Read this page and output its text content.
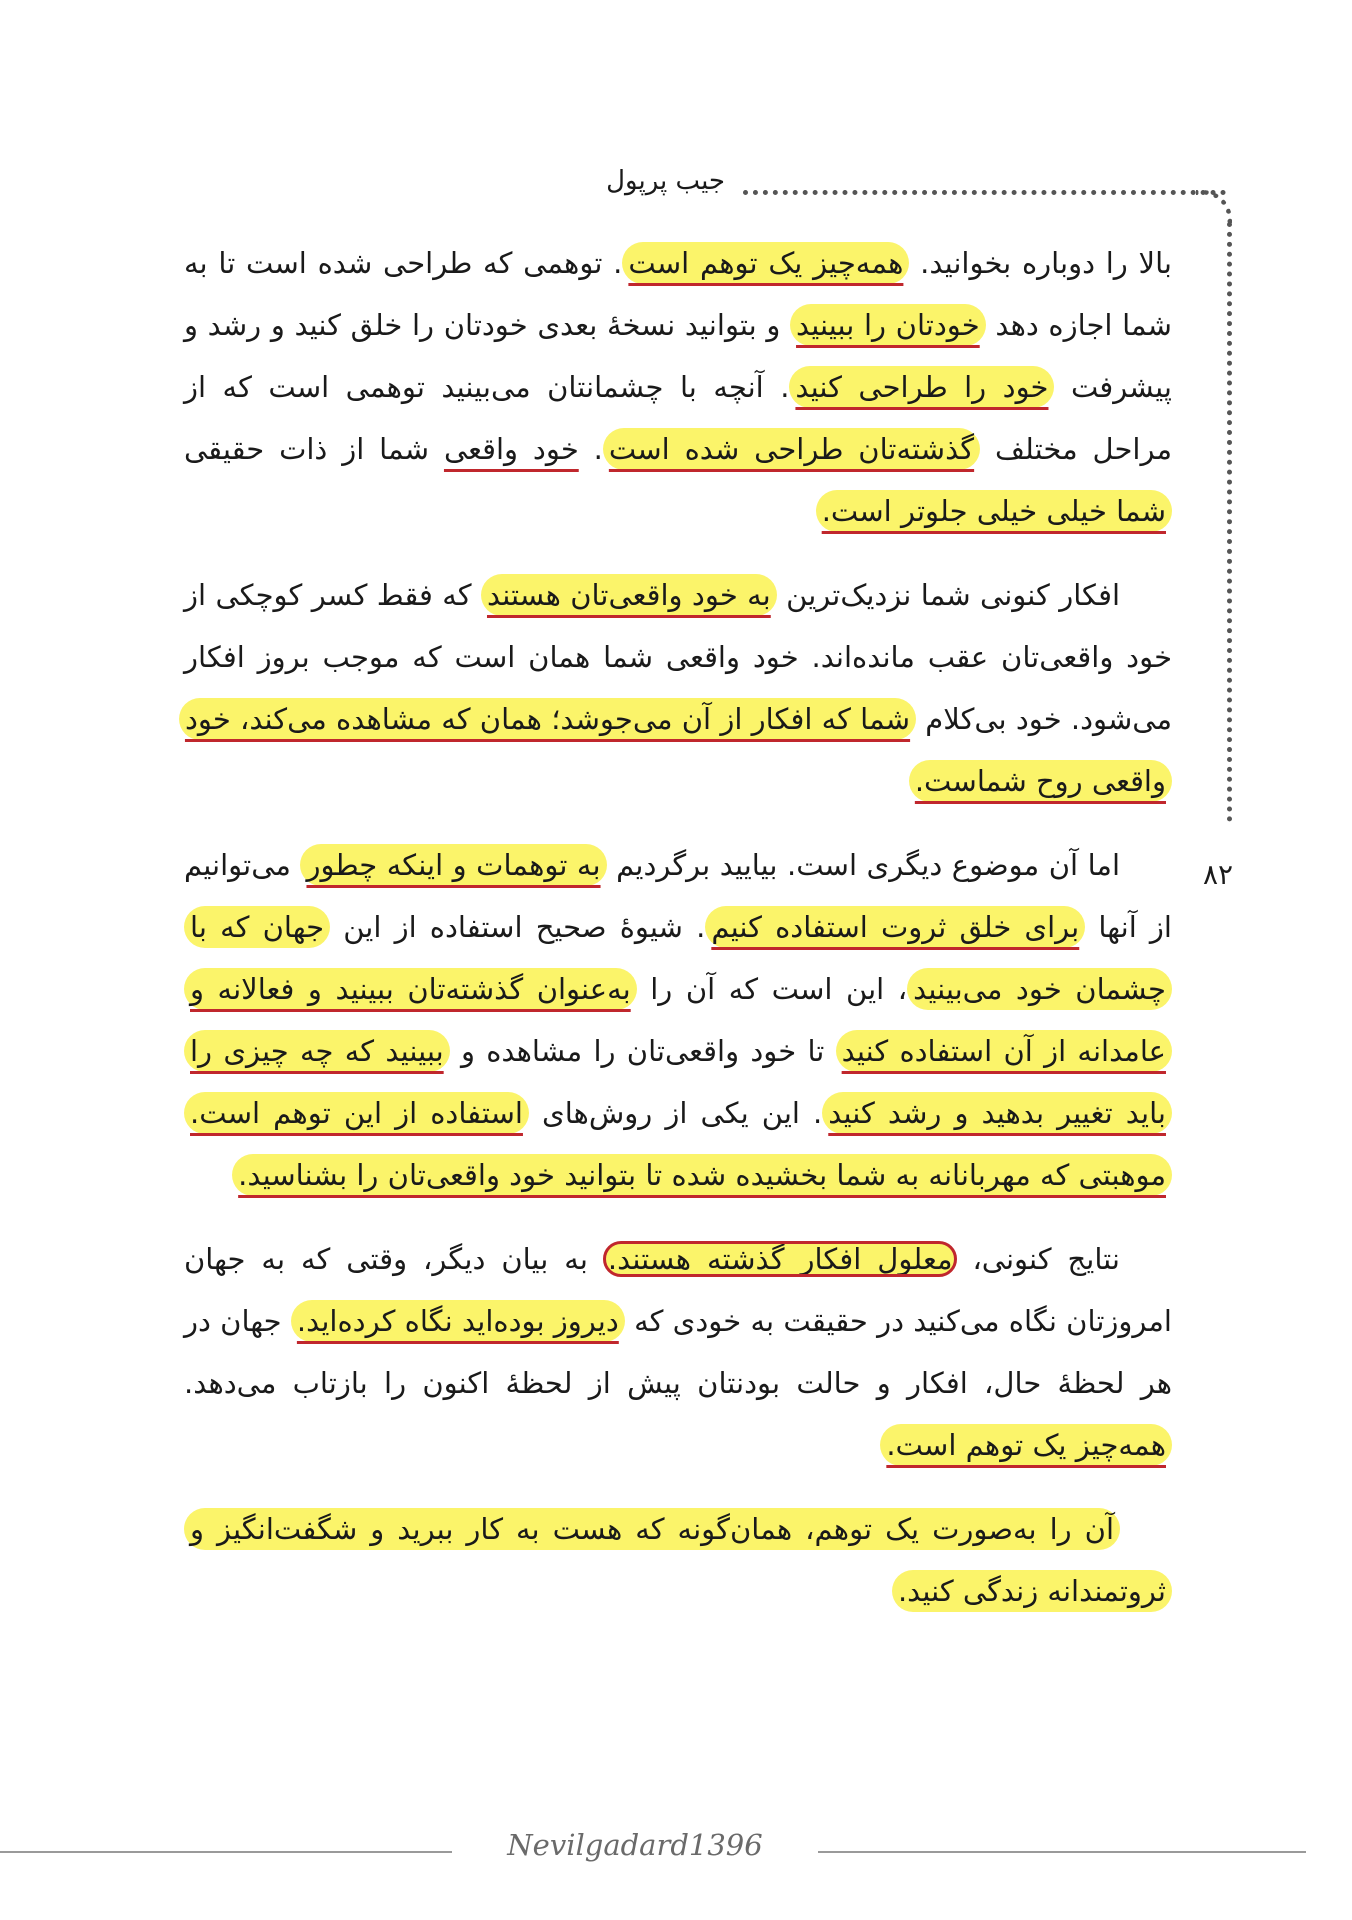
جیب پرپول
۸۲

بالا را دوباره بخوانید. همه‌چیز یک توهم است. توهمی که طراحی شده است تا به شما اجازه دهد خودتان را ببینید و بتوانید نسخهٔ بعدی خودتان را خلق کنید و رشد و پیشرفت خود را طراحی کنید. آنچه با چشمانتان می‌بینید توهمی است که از مراحل مختلف گذشته‌تان طراحی شده است. خود واقعی شما از ذات حقیقی شما خیلی خیلی جلوتر است.

افکار کنونی شما نزدیک‌ترین به خود واقعی‌تان هستند که فقط کسر کوچکی از خود واقعی‌تان عقب مانده‌اند. خود واقعی شما همان است که موجب بروز افکار می‌شود. خود بی‌کلام شما که افکار از آن می‌جوشد؛ همان که مشاهده می‌کند، خود واقعی روح شماست.

اما آن موضوع دیگری است. بیایید برگردیم به توهمات و اینکه چطور می‌توانیم از آنها برای خلق ثروت استفاده کنیم. شیوهٔ صحیح استفاده از این جهان که با چشمان خود می‌بینید، این است که آن را به‌عنوان گذشته‌تان ببینید و فعالانه و عامدانه از آن استفاده کنید تا خود واقعی‌تان را مشاهده و ببینید که چه چیزی را باید تغییر بدهید و رشد کنید. این یکی از روش‌های استفاده از این توهم است. موهبتی که مهربانانه به شما بخشیده شده تا بتوانید خود واقعی‌تان را بشناسید.

نتایج کنونی، معلول افکار گذشته هستند. به بیان دیگر، وقتی که به جهان امروزتان نگاه می‌کنید در حقیقت به خودی که دیروز بوده‌اید نگاه کرده‌اید. جهان در هر لحظهٔ حال، افکار و حالت بودنتان پیش از لحظهٔ اکنون را بازتاب می‌دهد. همه‌چیز یک توهم است.

آن را به‌صورت یک توهم، همان‌گونه که هست به کار ببرید و شگفت‌انگیز و ثروتمندانه زندگی کنید.

Nevilgadard1396
